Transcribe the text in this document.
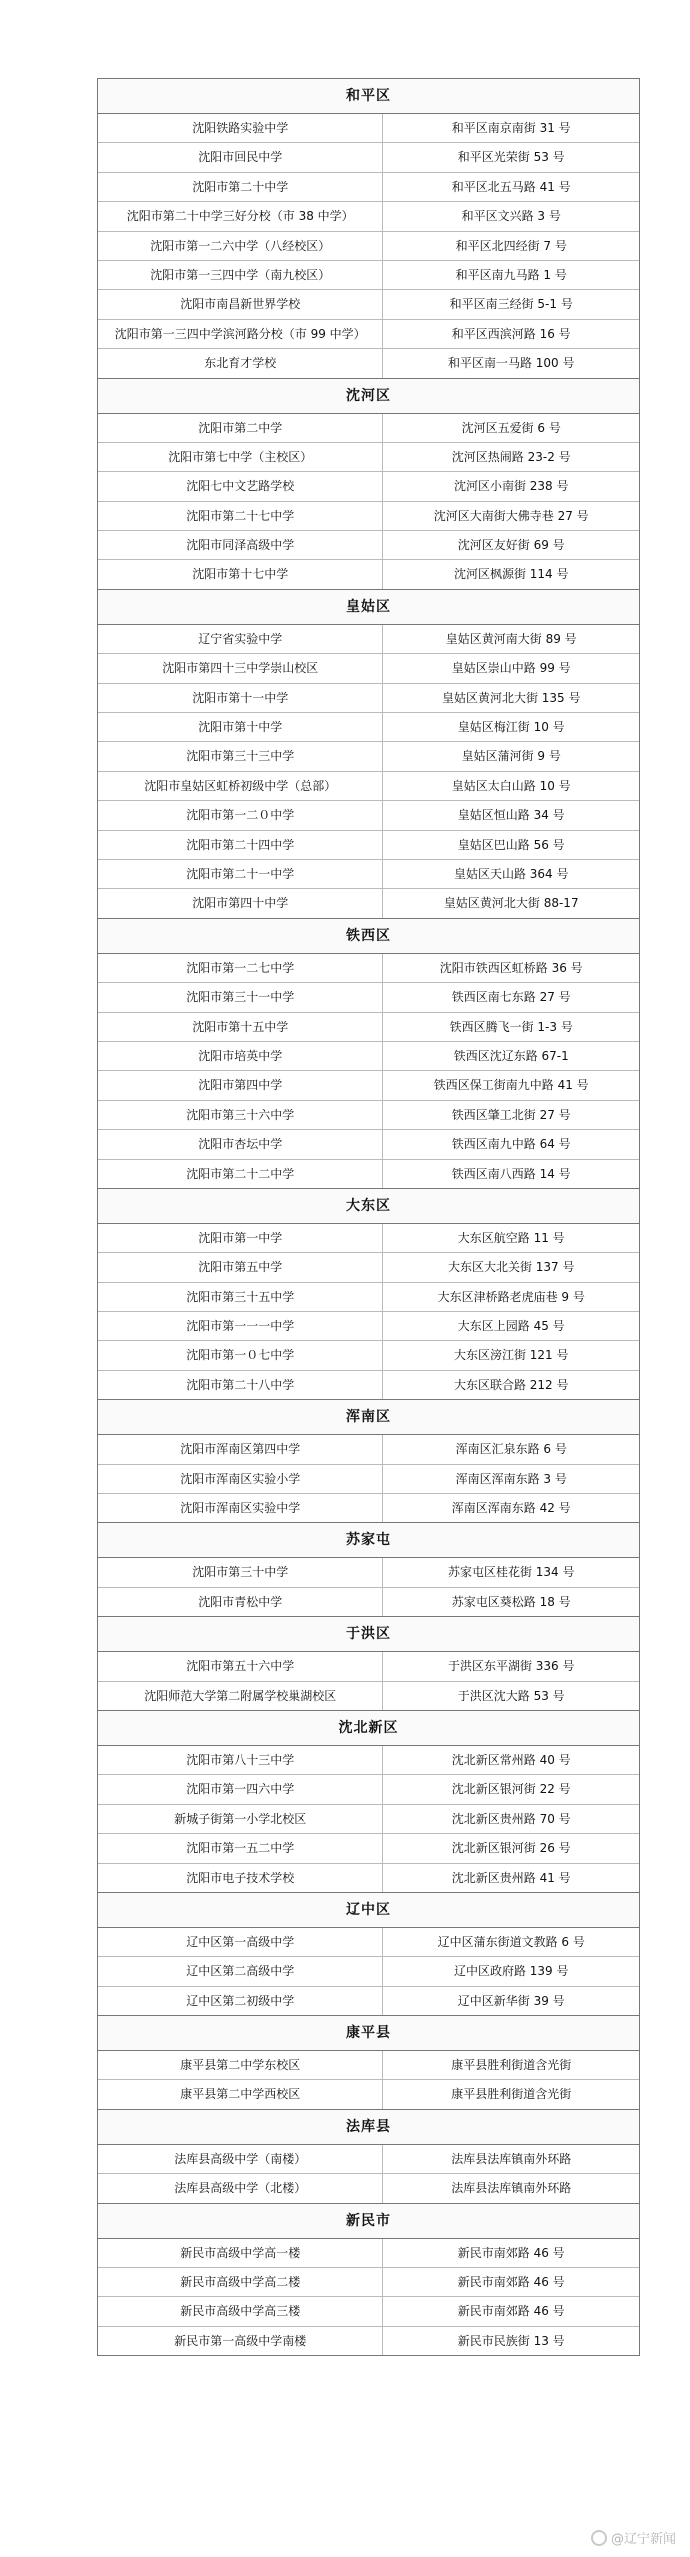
和平区
沈阳铁路实验中学	和平区南京南街 31 号
沈阳市回民中学	和平区光荣街 53 号
沈阳市第二十中学	和平区北五马路 41 号
沈阳市第二十中学三好分校（市 38 中学）	和平区文兴路 3 号
沈阳市第一二六中学（八经校区）	和平区北四经街 7 号
沈阳市第一三四中学（南九校区）	和平区南九马路 1 号
沈阳市南昌新世界学校	和平区南三经街 5-1 号
沈阳市第一三四中学滨河路分校（市 99 中学）	和平区西滨河路 16 号
东北育才学校	和平区南一马路 100 号
沈河区
沈阳市第二中学	沈河区五爱街 6 号
沈阳市第七中学（主校区）	沈河区热闹路 23-2 号
沈阳七中文艺路学校	沈河区小南街 238 号
沈阳市第二十七中学	沈河区大南街大佛寺巷 27 号
沈阳市同泽高级中学	沈河区友好街 69 号
沈阳市第十七中学	沈河区枫源街 114 号
皇姑区
辽宁省实验中学	皇姑区黄河南大街 89 号
沈阳市第四十三中学崇山校区	皇姑区崇山中路 99 号
沈阳市第十一中学	皇姑区黄河北大街 135 号
沈阳市第十中学	皇姑区梅江街 10 号
沈阳市第三十三中学	皇姑区蒲河街 9 号
沈阳市皇姑区虹桥初级中学（总部）	皇姑区太白山路 10 号
沈阳市第一二０中学	皇姑区恒山路 34 号
沈阳市第二十四中学	皇姑区巴山路 56 号
沈阳市第二十一中学	皇姑区天山路 364 号
沈阳市第四十中学	皇姑区黄河北大街 88-17
铁西区
沈阳市第一二七中学	沈阳市铁西区虹桥路 36 号
沈阳市第三十一中学	铁西区南七东路 27 号
沈阳市第十五中学	铁西区腾飞一街 1-3 号
沈阳市培英中学	铁西区沈辽东路 67-1
沈阳市第四中学	铁西区保工街南九中路 41 号
沈阳市第三十六中学	铁西区肇工北街 27 号
沈阳市杏坛中学	铁西区南九中路 64 号
沈阳市第二十二中学	铁西区南八西路 14 号
大东区
沈阳市第一中学	大东区航空路 11 号
沈阳市第五中学	大东区大北关街 137 号
沈阳市第三十五中学	大东区津桥路老虎庙巷 9 号
沈阳市第一一一中学	大东区上园路 45 号
沈阳市第一０七中学	大东区滂江街 121 号
沈阳市第二十八中学	大东区联合路 212 号
浑南区
沈阳市浑南区第四中学	浑南区汇泉东路 6 号
沈阳市浑南区实验小学	浑南区浑南东路 3 号
沈阳市浑南区实验中学	浑南区浑南东路 42 号
苏家屯
沈阳市第三十中学	苏家屯区桂花街 134 号
沈阳市青松中学	苏家屯区葵松路 18 号
于洪区
沈阳市第五十六中学	于洪区东平湖街 336 号
沈阳师范大学第二附属学校巢湖校区	于洪区沈大路 53 号
沈北新区
沈阳市第八十三中学	沈北新区常州路 40 号
沈阳市第一四六中学	沈北新区银河街 22 号
新城子街第一小学北校区	沈北新区贵州路 70 号
沈阳市第一五二中学	沈北新区银河街 26 号
沈阳市电子技术学校	沈北新区贵州路 41 号
辽中区
辽中区第一高级中学	辽中区蒲东街道文教路 6 号
辽中区第二高级中学	辽中区政府路 139 号
辽中区第二初级中学	辽中区新华街 39 号
康平县
康平县第二中学东校区	康平县胜利街道含光街
康平县第二中学西校区	康平县胜利街道含光街
法库县
法库县高级中学（南楼）	法库县法库镇南外环路
法库县高级中学（北楼）	法库县法库镇南外环路
新民市
新民市高级中学高一楼	新民市南郊路 46 号
新民市高级中学高二楼	新民市南郊路 46 号
新民市高级中学高三楼	新民市南郊路 46 号
新民市第一高级中学南楼	新民市民族街 13 号
@辽宁新闻
